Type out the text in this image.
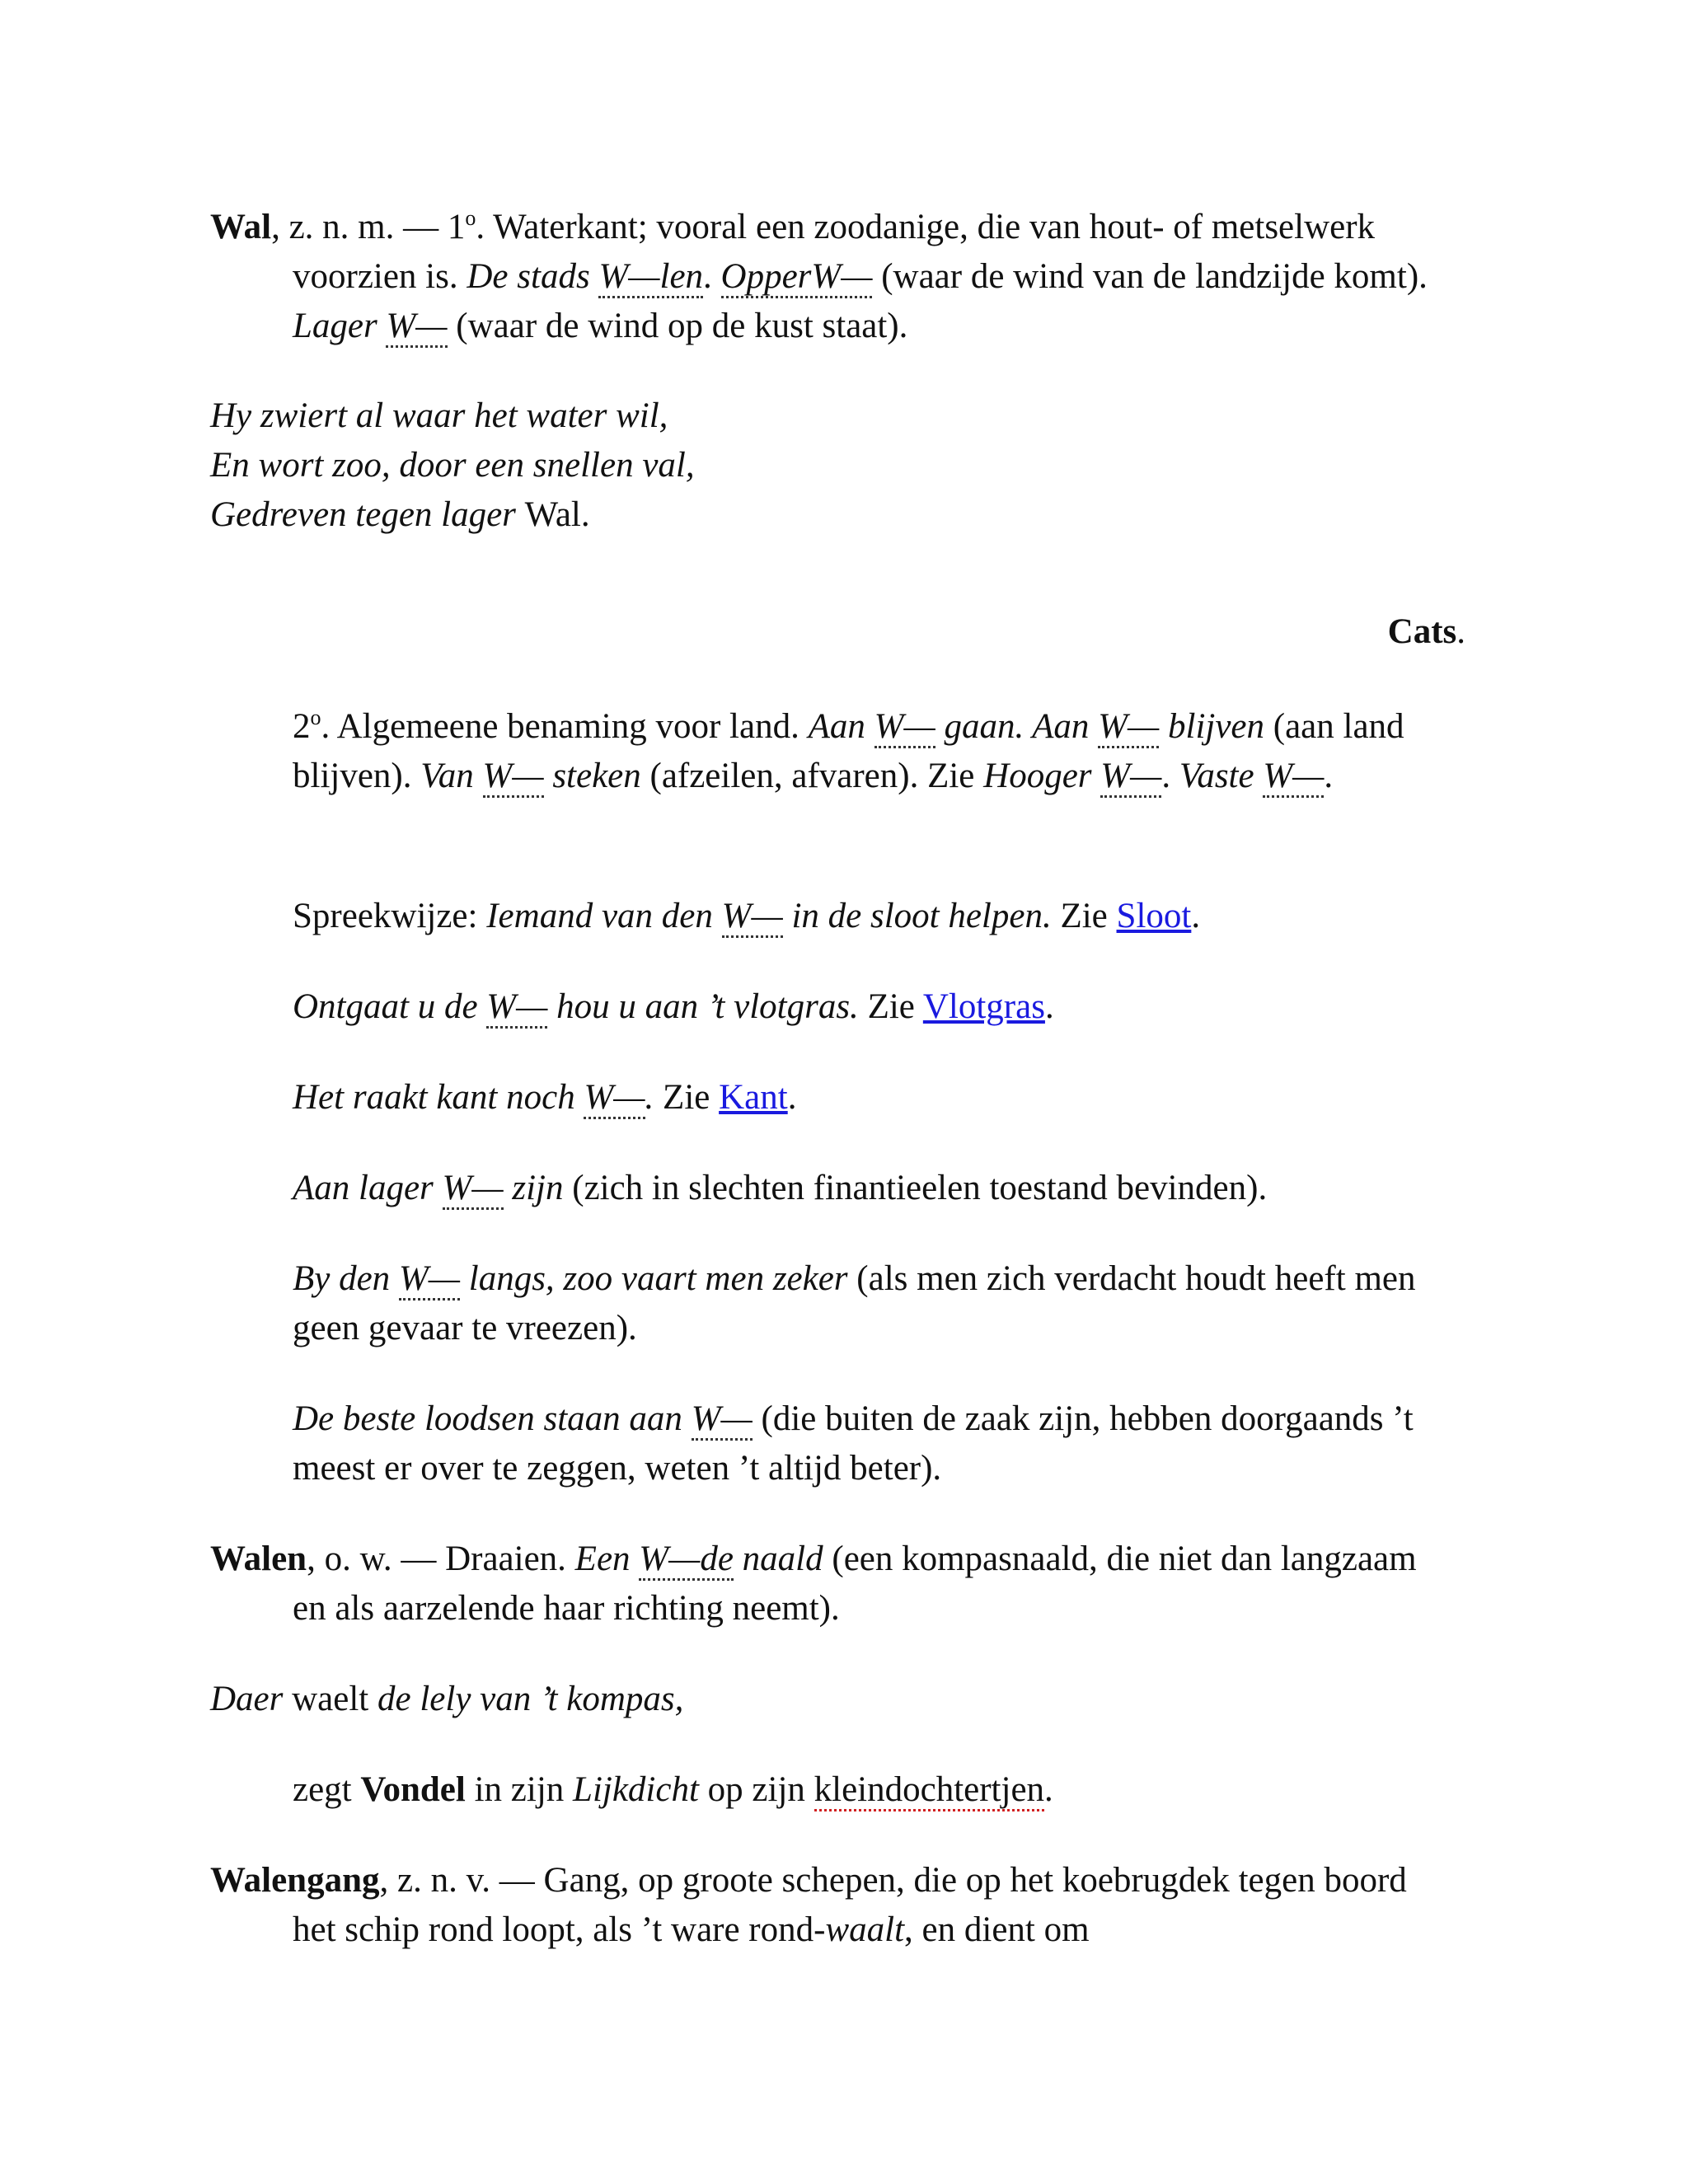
Wal, z. n. m. — 1$^o$. Waterkant; vooral een zoodanige, die van hout- of metselwerk voorzien is. De stads W—len. OpperW— (waar de wind van de landzijde komt). Lager W— (waar de wind op de kust staat).

Hy zwiert al waar het water wil,
En wort zoo, door een snellen val,
Gedreven tegen lager Wal.

Cats.

2$^o$. Algemeene benaming voor land. Aan W— gaan. Aan W— blijven (aan land blijven). Van W— steken (afzeilen, afvaren). Zie Hooger W—. Vaste W—.

Spreekwijze: Iemand van den W— in de sloot helpen. Zie Sloot.

Ontgaat u de W— hou u aan ’t vlotgras. Zie Vlotgras.

Het raakt kant noch W—. Zie Kant.

Aan lager W— zijn (zich in slechten finantieelen toestand bevinden).

By den W— langs, zoo vaart men zeker (als men zich verdacht houdt heeft men geen gevaar te vreezen).

De beste loodsen staan aan W— (die buiten de zaak zijn, hebben doorgaands ’t meest er over te zeggen, weten ’t altijd beter).

Walen, o. w. — Draaien. Een W—de naald (een kompasnaald, die niet dan langzaam en als aarzelende haar richting neemt).

Daer waelt de lely van ’t kompas,

zegt Vondel in zijn Lijkdicht op zijn kleindochtertjen.

Walengang, z. n. v. — Gang, op groote schepen, die op het koebrugdek tegen boord het schip rond loopt, als ’t ware rond-waalt, en dient om
